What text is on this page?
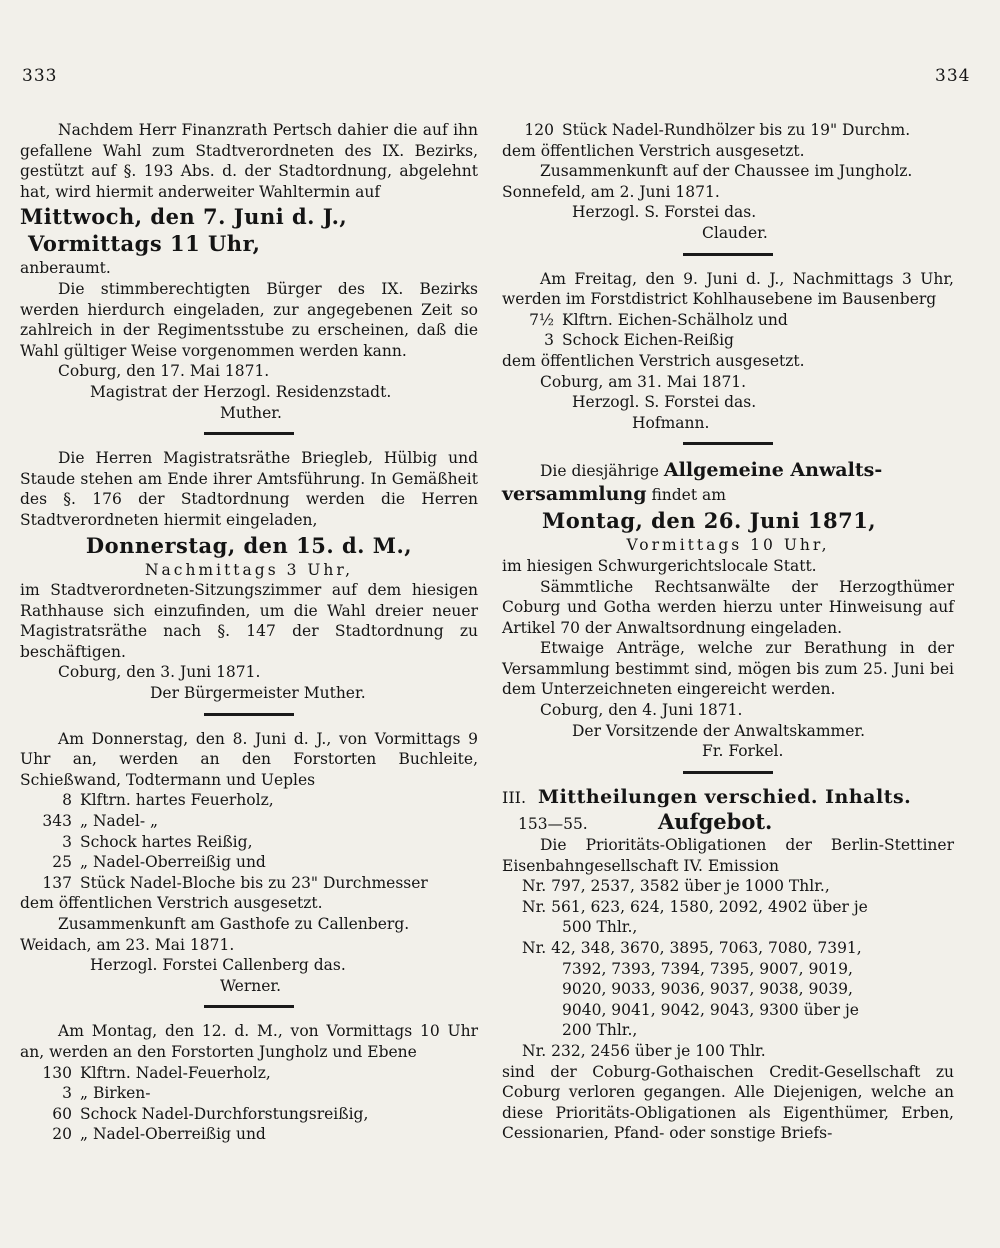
333	334

Nachdem Herr Finanzrath Pertsch dahier die auf ihn gefallene Wahl zum Stadtverordneten des IX. Bezirks, gestützt auf §. 193 Abs. d. der Stadtordnung, abgelehnt hat, wird hiermit anderweiter Wahltermin auf

Mittwoch, den 7. Juni d. J.,
Vormittags 11 Uhr,

anberaumt.

Die stimmberechtigten Bürger des IX. Bezirks werden hierdurch eingeladen, zur angegebenen Zeit so zahlreich in der Regimentsstube zu erscheinen, daß die Wahl gültiger Weise vorgenommen werden kann.

Coburg, den 17. Mai 1871.

Magistrat der Herzogl. Residenzstadt.

Muther.

Die Herren Magistratsräthe Briegleb, Hülbig und Staude stehen am Ende ihrer Amtsführung. In Gemäßheit des §. 176 der Stadtordnung werden die Herren Stadtverordneten hiermit eingeladen,

Donnerstag, den 15. d. M.,
Nachmittags 3 Uhr,

im Stadtverordneten-Sitzungszimmer auf dem hiesigen Rathhause sich einzufinden, um die Wahl dreier neuer Magistratsräthe nach §. 147 der Stadtordnung zu beschäftigen.

Coburg, den 3. Juni 1871.

Der Bürgermeister Muther.

Am Donnerstag, den 8. Juni d. J., von Vormittags 9 Uhr an, werden an den Forstorten Buchleite, Schießwand, Todtermann und Ueples

8 Klftrn. hartes Feuerholz,
343 „ Nadel- „
3 Schock hartes Reißig,
25 „ Nadel-Oberreißig und
137 Stück Nadel-Bloche bis zu 23" Durchmesser

dem öffentlichen Verstrich ausgesetzt.

Zusammenkunft am Gasthofe zu Callenberg.

Weidach, am 23. Mai 1871.

Herzogl. Forstei Callenberg das.

Werner.

Am Montag, den 12. d. M., von Vormittags 10 Uhr an, werden an den Forstorten Jungholz und Ebene

130 Klftrn. Nadel-Feuerholz,
3 „ Birken-
60 Schock Nadel-Durchforstungsreißig,
20 „ Nadel-Oberreißig und
120 Stück Nadel-Rundhölzer bis zu 19" Durchm.

dem öffentlichen Verstrich ausgesetzt.

Zusammenkunft auf der Chaussee im Jungholz.

Sonnefeld, am 2. Juni 1871.

Herzogl. S. Forstei das.

Clauder.

Am Freitag, den 9. Juni d. J., Nachmittags 3 Uhr, werden im Forstdistrict Kohlhausebene im Bausenberg

7½ Klftrn. Eichen-Schälholz und
3 Schock Eichen-Reißig

dem öffentlichen Verstrich ausgesetzt.

Coburg, am 31. Mai 1871.

Herzogl. S. Forstei das.

Hofmann.

Die diesjährige Allgemeine Anwalts-

versammlung findet am

Montag, den 26. Juni 1871,
Vormittags 10 Uhr,

im hiesigen Schwurgerichtslocale Statt.

Sämmtliche Rechtsanwälte der Herzogthümer Coburg und Gotha werden hierzu unter Hinweisung auf Artikel 70 der Anwaltsordnung eingeladen.

Etwaige Anträge, welche zur Berathung in der Versammlung bestimmt sind, mögen bis zum 25. Juni bei dem Unterzeichneten eingereicht werden.

Coburg, den 4. Juni 1871.

Der Vorsitzende der Anwaltskammer.

Fr. Forkel.

III. Mittheilungen verschied. Inhalts.
153—55.	Aufgebot.

Die Prioritäts-Obligationen der Berlin-Stettiner Eisenbahngesellschaft IV. Emission

Nr. 797, 2537, 3582 über je 1000 Thlr.,

Nr. 561, 623, 624, 1580, 2092, 4902 über je

500 Thlr.,

Nr. 42, 348, 3670, 3895, 7063, 7080, 7391,

7392, 7393, 7394, 7395, 9007, 9019,

9020, 9033, 9036, 9037, 9038, 9039,

9040, 9041, 9042, 9043, 9300 über je

200 Thlr.,

Nr. 232, 2456 über je 100 Thlr.

sind der Coburg-Gothaischen Credit-Gesellschaft zu Coburg verloren gegangen. Alle Diejenigen, welche an diese Prioritäts-Obligationen als Eigenthümer, Erben, Cessionarien, Pfand- oder sonstige Briefs-
